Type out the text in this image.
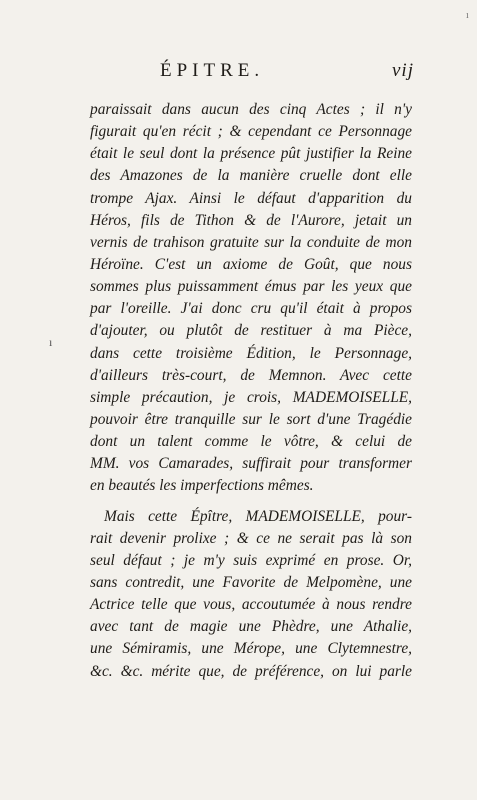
ı
ÉPITRE.	vij
ı
paraissait dans aucun des cinq Actes ; il n'y
figurait qu'en récit ; & cependant ce Personnage
était le seul dont la présence pût justifier la Reine
des Amazones de la manière cruelle dont elle
trompe Ajax. Ainsi le défaut d'apparition du
Héros, fils de Tithon & de l'Aurore, jetait un
vernis de trahison gratuite sur la conduite de mon
Héroïne. C'est un axiome de Goût, que nous
sommes plus puissamment émus par les yeux que
par l'oreille. J'ai donc cru qu'il était à propos
d'ajouter, ou plutôt de restituer à ma Pièce,
dans cette troisième Édition, le Personnage,
d'ailleurs très-court, de Memnon. Avec cette
simple précaution, je crois, MADEMOISELLE,
pouvoir être tranquille sur le sort d'une Tragédie
dont un talent comme le vôtre, & celui de
MM. vos Camarades, suffirait pour transformer
en beautés les imperfections mêmes.
Mais cette Épître, MADEMOISELLE, pour-
rait devenir prolixe ; & ce ne serait pas là son
seul défaut ; je m'y suis exprimé en prose. Or,
sans contredit, une Favorite de Melpomène, une
Actrice telle que vous, accoutumée à nous rendre
avec tant de magie une Phèdre, une Athalie,
une Sémiramis, une Mérope, une Clytemnestre,
&c. &c. mérite que, de préférence, on lui parle
